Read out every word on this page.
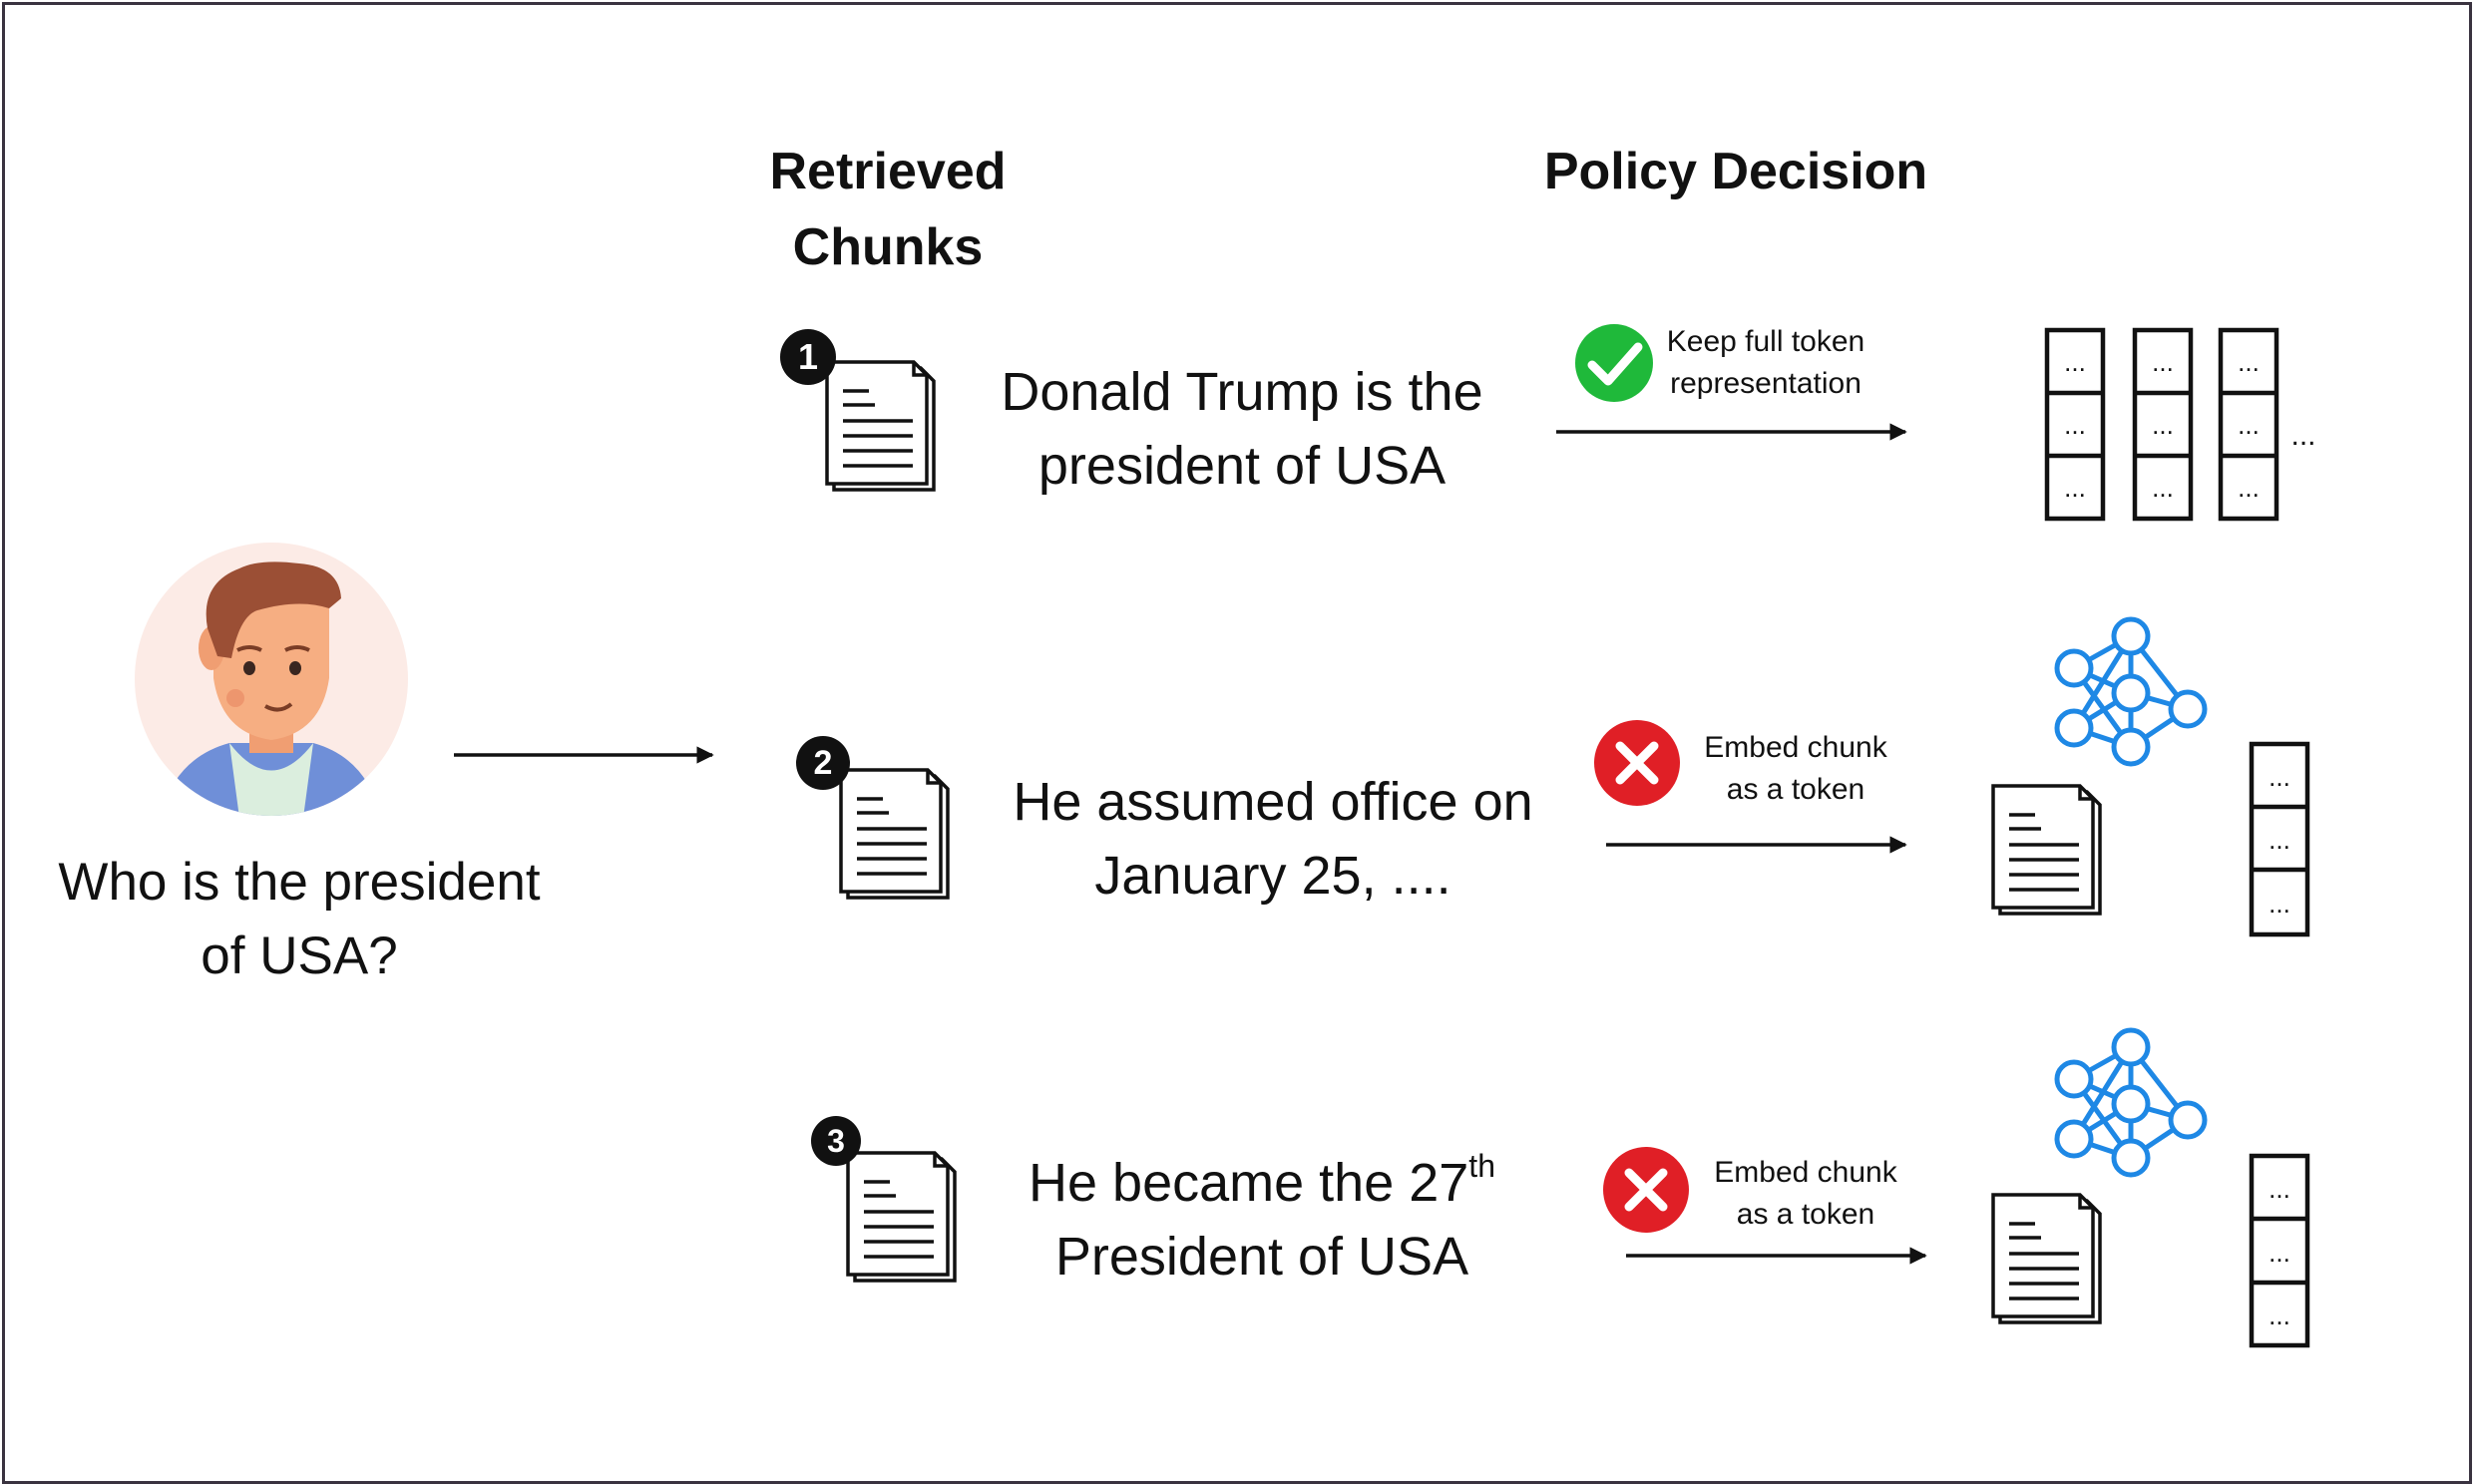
Who is the president
of USA?
Retrieved
Chunks
Policy Decision
1
2
3
Donald Trump is the
president of USA
He assumed office on
January 25, ....
He became the 27th
President of USA
Keep full token
representation
Embed chunk
as a token
Embed chunk
as a token
...
...
...
...
...
...
...
...
...
...
...
...
...
...
...
...
